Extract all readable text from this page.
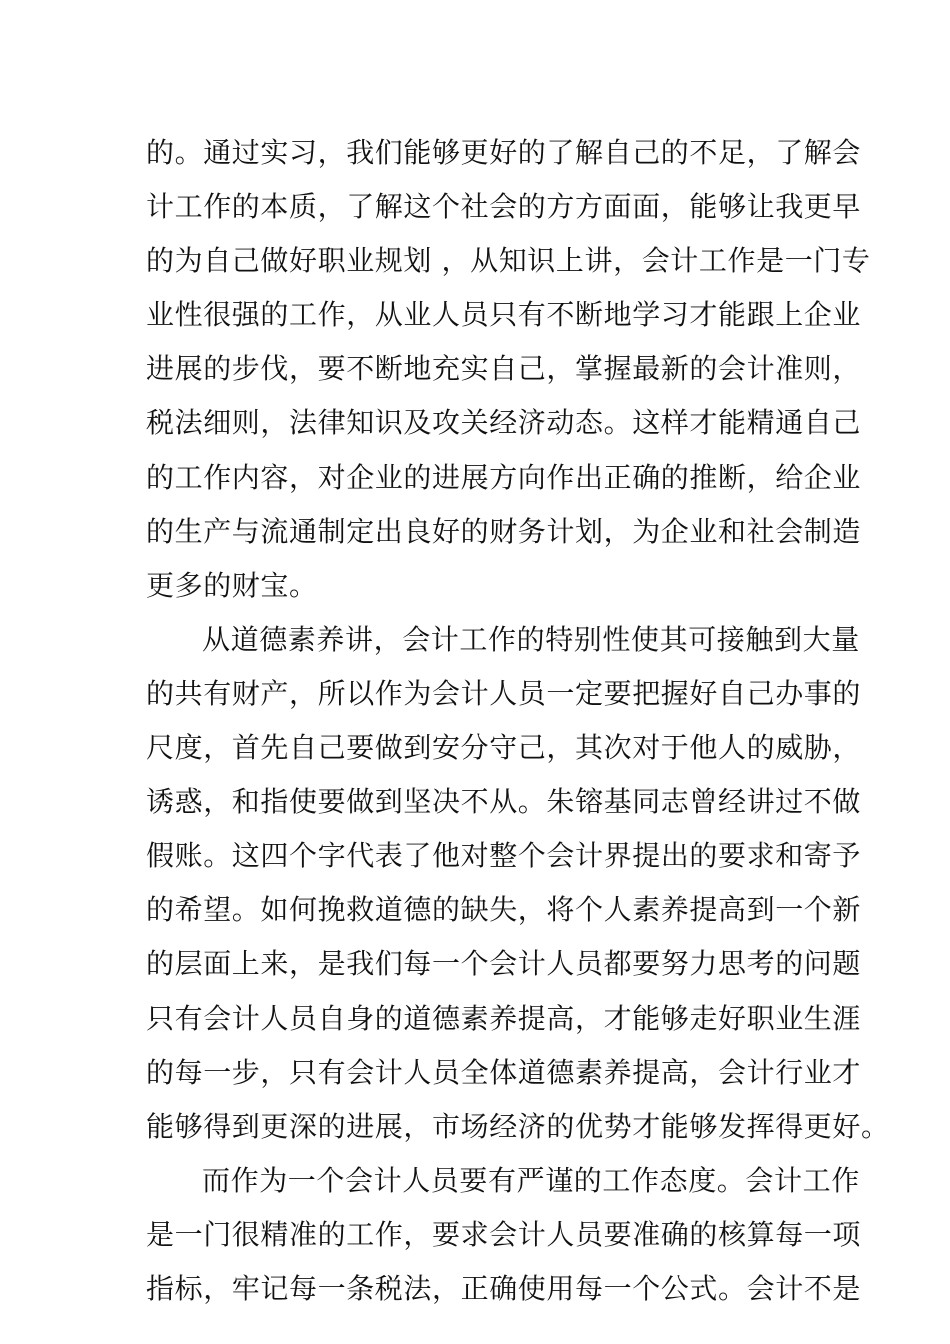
的。通过实习，我们能够更好的了解自己的不足，了解会
计工作的本质，了解这个社会的方方面面，能够让我更早
的为自己做好职业规划 ，从知识上讲，会计工作是一门专
业性很强的工作，从业人员只有不断地学习才能跟上企业
进展的步伐，要不断地充实自己，掌握最新的会计准则，
税法细则，法律知识及攻关经济动态。这样才能精通自己
的工作内容，对企业的进展方向作出正确的推断，给企业
的生产与流通制定出良好的财务计划，为企业和社会制造
更多的财宝。
从道德素养讲，会计工作的特别性使其可接触到大量
的共有财产，所以作为会计人员一定要把握好自己办事的
尺度，首先自己要做到安分守己，其次对于他人的威胁，
诱惑，和指使要做到坚决不从。朱镕基同志曾经讲过不做
假账。这四个字代表了他对整个会计界提出的要求和寄予
的希望。如何挽救道德的缺失，将个人素养提高到一个新
的层面上来，是我们每一个会计人员都要努力思考的问题
只有会计人员自身的道德素养提高，才能够走好职业生涯
的每一步，只有会计人员全体道德素养提高，会计行业才
能够得到更深的进展，市场经济的优势才能够发挥得更好。
而作为一个会计人员要有严谨的工作态度。会计工作
是一门很精准的工作，要求会计人员要准确的核算每一项
指标，牢记每一条税法，正确使用每一个公式。会计不是
